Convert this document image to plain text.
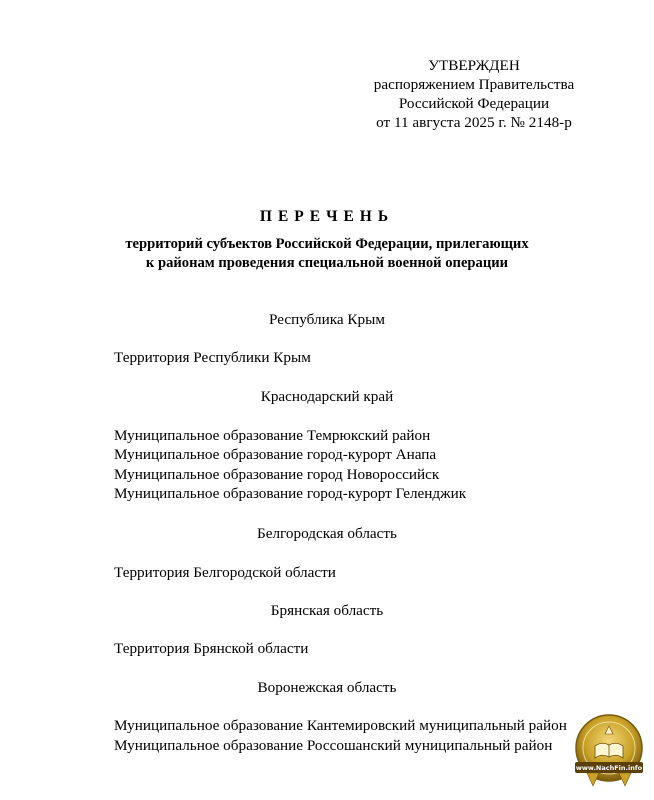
УТВЕРЖДЕН
распоряжением Правительства
Российской Федерации
от 11 августа 2025 г. № 2148-р
ПЕРЕЧЕНЬ
территорий субъектов Российской Федерации, прилегающих
к районам проведения специальной военной операции
Республика Крым
Территория Республики Крым
Краснодарский край
Муниципальное образование Темрюкский район
Муниципальное образование город-курорт Анапа
Муниципальное образование город Новороссийск
Муниципальное образование город-курорт Геленджик
Белгородская область
Территория Белгородской области
Брянская область
Территория Брянской области
Воронежская область
Муниципальное образование Кантемировский муниципальный район
Муниципальное образование Россошанский муниципальный район
www.NachFin.info
